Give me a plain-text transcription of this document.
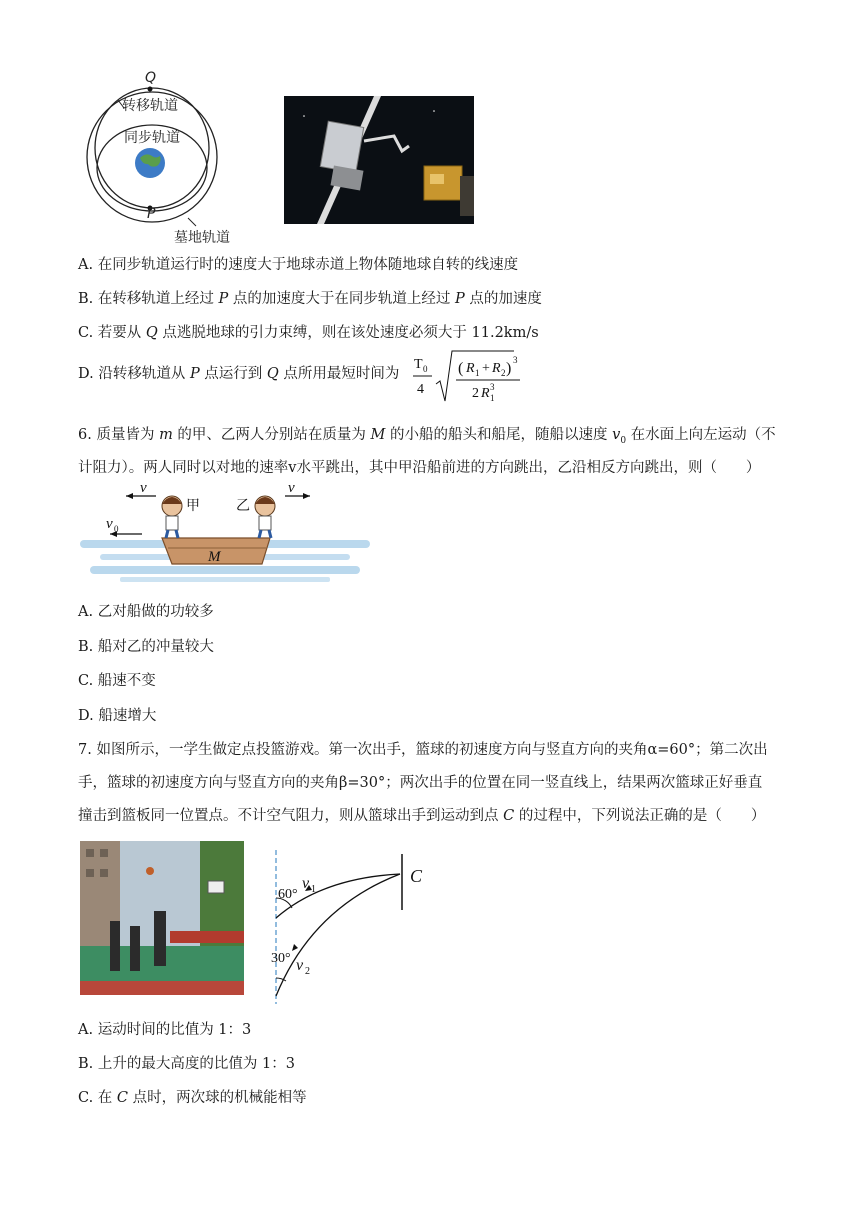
Q
P
转移轨道
同步轨道
墓地轨道
A. 在同步轨道运行时的速度大于地球赤道上物体随地球自转的线速度
B. 在转移轨道上经过 P 点的加速度大于在同步轨道上经过 P 点的加速度
C. 若要从 Q 点逃脱地球的引力束缚，则在该处速度必须大于 11.2km/s
D. 沿转移轨道从 P 点运行到 Q 点所用最短时间为
T 0
4
( R 1 + R 2 ) 3
2 R 1
3
6. 质量皆为 m 的甲、乙两人分别站在质量为 M 的小船的船头和船尾，随船以速度 $v_0$ 在水面上向左运动（不
计阻力）。两人同时以对地的速率v水平跳出，其中甲沿船前进的方向跳出，乙沿相反方向跳出，则（　　）
v	v
甲	乙
v 0
M
A. 乙对船做的功较多
B. 船对乙的冲量较大
C. 船速不变
D. 船速增大
7. 如图所示，一学生做定点投篮游戏。第一次出手，篮球的初速度方向与竖直方向的夹角α=60°；第二次出
手，篮球的初速度方向与竖直方向的夹角β=30°；两次出手的位置在同一竖直线上，结果两次篮球正好垂直
撞击到篮板同一位置点。不计空气阻力，则从篮球出手到运动到点 C 的过程中，下列说法正确的是（　　）
C
60°
v 1
30° v 2
A. 运动时间的比值为 1：3
B. 上升的最大高度的比值为 1：3
C. 在 C 点时，两次球的机械能相等
